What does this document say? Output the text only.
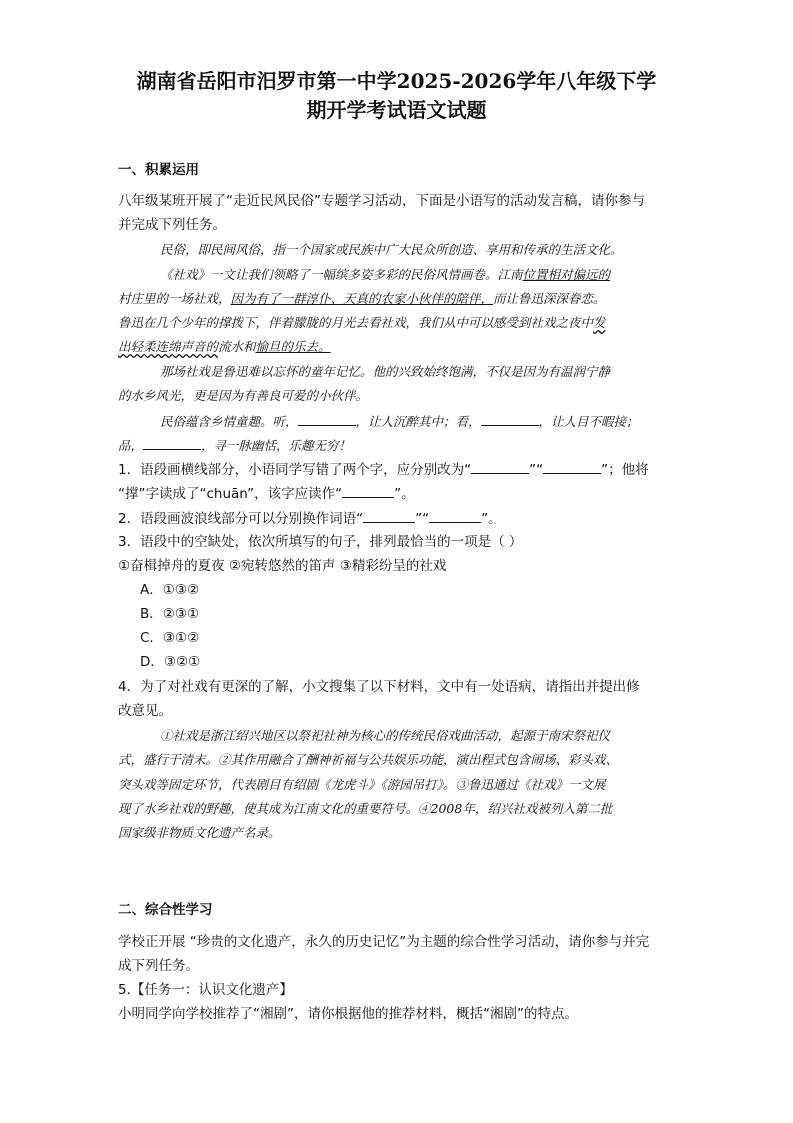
湖南省岳阳市汨罗市第一中学2025-2026学年八年级下学
期开学考试语文试题
一、积累运用
八年级某班开展了“走近民风民俗”专题学习活动，下面是小语写的活动发言稿，请你参与
并完成下列任务。
民俗，即民间风俗，指一个国家或民族中广大民众所创造、享用和传承的生活文化。
《社戏》一文让我们领略了一幅缤多姿多彩的民俗风情画卷。江南位置相对偏远的
村庄里的一场社戏，因为有了一群淳仆、天真的农家小伙伴的陪伴，而让鲁迅深深眷恋。
鲁迅在几个少年的撑拨下，伴着朦胧的月光去看社戏，我们从中可以感受到社戏之夜中发
出轻柔连绵声音的流水和愉旦的乐去。
那场社戏是鲁迅难以忘怀的童年记忆。他的兴致始终饱满，不仅是因为有温润宁静
的水乡风光，更是因为有善良可爱的小伙伴。
民俗蕴含乡情童趣。听，	，让人沉醉其中；看，	，让人目不暇接；
品，	，寻一脉幽恬，乐趣无穷！
1．语段画横线部分，小语同学写错了两个字，应分别改为“	”“	”；他将
“撑”字读成了“chuān”，该字应读作“	”。
2．语段画波浪线部分可以分别换作词语“	”“	”。
3．语段中的空缺处，依次所填写的句子，排列最恰当的一项是（ ）
①奋楫掉舟的夏夜 ②宛转悠然的笛声 ③精彩纷呈的社戏
A．①③②
B．②③①
C．③①②
D．③②①
4．为了对社戏有更深的了解，小文搜集了以下材料，文中有一处语病，请指出并提出修
改意见。
①社戏是浙江绍兴地区以祭祀社神为核心的传统民俗戏曲活动，起源于南宋祭祀仪
式，盛行于清末。②其作用融合了酬神祈福与公共娱乐功能，演出程式包含闹场、彩头戏、
突头戏等固定环节，代表剧目有绍剧《龙虎斗》《游园吊打》。③鲁迅通过《社戏》一文展
现了水乡社戏的野趣，使其成为江南文化的重要符号。④2008年，绍兴社戏被列入第二批
国家级非物质文化遗产名录。
二、综合性学习
学校正开展 “珍贵的文化遗产，永久的历史记忆”为主题的综合性学习活动，请你参与并完
成下列任务。
5.【任务一：认识文化遗产】
小明同学向学校推荐了“湘剧”，请你根据他的推荐材料，概括“湘剧”的特点。
